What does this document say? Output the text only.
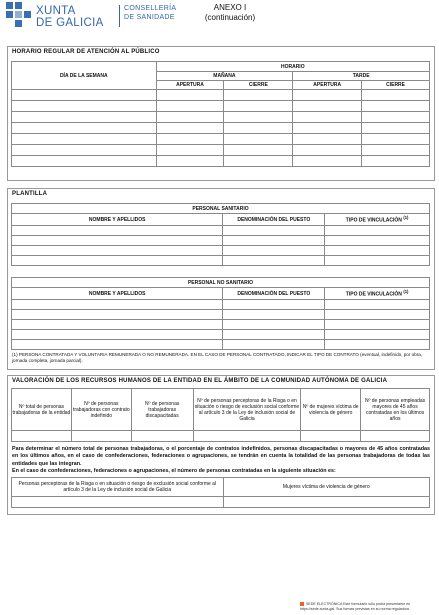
XUNTA
DE GALICIA
CONSELLERÍA
DE SANIDADE
ANEXO I
(continuación)
HORARIO REGULAR DE ATENCIÓN AL PÚBLICO
DÍA DE LA SEMANA	HORARIO			
	MAÑANA		TARDE	
	APERTURA	CIERRE	APERTURA	CIERRE

PLANTILLA
PERSONAL SANITARIO		
NOMBRE Y APELLIDOS	DENOMINACIÓN DEL PUESTO	TIPO DE VINCULACIÓN $^{(1)}$

PERSONAL NO SANITARIO		
NOMBRE Y APELLIDOS	DENOMINACIÓN DEL PUESTO	TIPO DE VINCULACIÓN $^{(1)}$

(1) PERSONA CONTRATADA Y VOLUNTARIA REMUNERADA O NO REMUNERADA. EN EL CASO DE PERSONAL CONTRATADO, INDICAR EL TIPO DE CONTRATO (eventual, indefinido, por obra, jornada completa, jornada parcial).
VALORACIÓN DE LOS RECURSOS HUMANOS DE LA ENTIDAD EN EL ÁMBITO DE LA COMUNIDAD AUTÓNOMA DE GALICIA
Nº total de personas trabajadoras de la entidad	Nº de personas trabajadoras con contrato indefinido	Nº de personas trabajadoras discapacitadas	Nº de personas perceptoras de la Risga o en situación o riesgo de exclusión social conforme al artículo 3 de la Ley de inclusión social de Galicia	Nº de mujeres víctima de violencia de género	Nº de personas empleadas mayores de 45 años contratadas en los últimos años

Para determinar el número total de personas trabajadoras, o el porcentaje de contratos indefinidos, personas discapacitadas o mayores de 45 años contratadas en los últimos años, en el caso de confederaciones, federaciones o agrupaciones, se tendrán en cuenta la totalidad de las personas trabajadoras de todas las entidades que las integran.
En el caso de confederaciones, federaciones o agrupaciones, el número de personas contratadas en la siguiente situación es:
Personas perceptoras de la Risga o en situación o riesgo de exclusión social conforme al artículo 3 de la Ley de inclusión social de Galicia	Mujeres víctima de violencia de género

SEDE ELECTRÓNICA Este formulario sólo podrá presentarse en
https://sede.xunta.gal. Sus formas previstas en su norma reguladora
